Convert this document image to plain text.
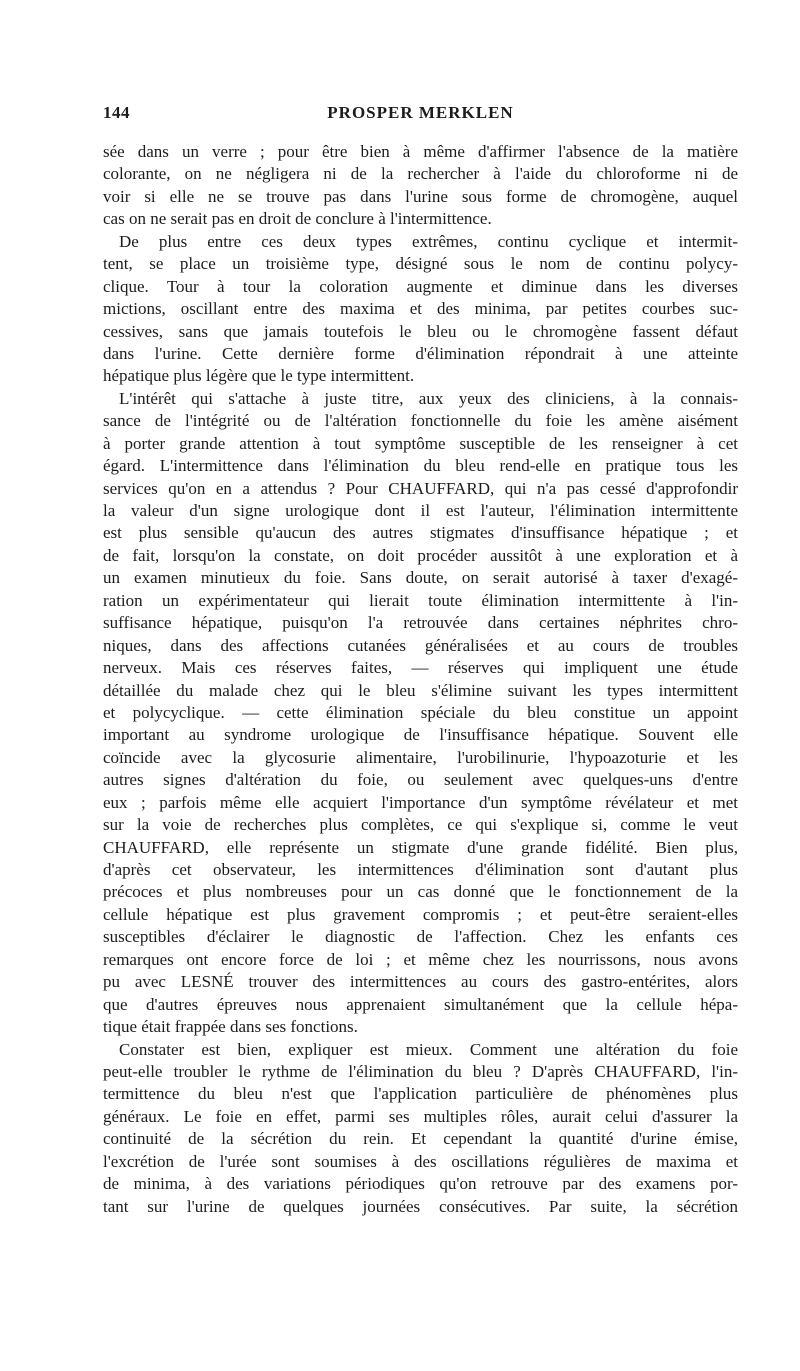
144	PROSPER MERKLEN
sée dans un verre ; pour être bien à même d'affirmer l'absence de la matière
colorante, on ne négligera ni de la rechercher à l'aide du chloroforme ni de
voir si elle ne se trouve pas dans l'urine sous forme de chromogène, auquel
cas on ne serait pas en droit de conclure à l'intermittence.
De plus entre ces deux types extrêmes, continu cyclique et intermit-
tent, se place un troisième type, désigné sous le nom de continu polycy-
clique. Tour à tour la coloration augmente et diminue dans les diverses
mictions, oscillant entre des maxima et des minima, par petites courbes suc-
cessives, sans que jamais toutefois le bleu ou le chromogène fassent défaut
dans l'urine. Cette dernière forme d'élimination répondrait à une atteinte
hépatique plus légère que le type intermittent.
L'intérêt qui s'attache à juste titre, aux yeux des cliniciens, à la connais-
sance de l'intégrité ou de l'altération fonctionnelle du foie les amène aisément
à porter grande attention à tout symptôme susceptible de les renseigner à cet
égard. L'intermittence dans l'élimination du bleu rend-elle en pratique tous les
services qu'on en a attendus ? Pour CHAUFFARD, qui n'a pas cessé d'approfondir
la valeur d'un signe urologique dont il est l'auteur, l'élimination intermittente
est plus sensible qu'aucun des autres stigmates d'insuffisance hépatique ; et
de fait, lorsqu'on la constate, on doit procéder aussitôt à une exploration et à
un examen minutieux du foie. Sans doute, on serait autorisé à taxer d'exagé-
ration un expérimentateur qui lierait toute élimination intermittente à l'in-
suffisance hépatique, puisqu'on l'a retrouvée dans certaines néphrites chro-
niques, dans des affections cutanées généralisées et au cours de troubles
nerveux. Mais ces réserves faites, — réserves qui impliquent une étude
détaillée du malade chez qui le bleu s'élimine suivant les types intermittent
et polycyclique. — cette élimination spéciale du bleu constitue un appoint
important au syndrome urologique de l'insuffisance hépatique. Souvent elle
coïncide avec la glycosurie alimentaire, l'urobilinurie, l'hypoazoturie et les
autres signes d'altération du foie, ou seulement avec quelques-uns d'entre
eux ; parfois même elle acquiert l'importance d'un symptôme révélateur et met
sur la voie de recherches plus complètes, ce qui s'explique si, comme le veut
CHAUFFARD, elle représente un stigmate d'une grande fidélité. Bien plus,
d'après cet observateur, les intermittences d'élimination sont d'autant plus
précoces et plus nombreuses pour un cas donné que le fonctionnement de la
cellule hépatique est plus gravement compromis ; et peut-être seraient-elles
susceptibles d'éclairer le diagnostic de l'affection. Chez les enfants ces
remarques ont encore force de loi ; et même chez les nourrissons, nous avons
pu avec LESNÉ trouver des intermittences au cours des gastro-entérites, alors
que d'autres épreuves nous apprenaient simultanément que la cellule hépa-
tique était frappée dans ses fonctions.
Constater est bien, expliquer est mieux. Comment une altération du foie
peut-elle troubler le rythme de l'élimination du bleu ? D'après CHAUFFARD, l'in-
termittence du bleu n'est que l'application particulière de phénomènes plus
généraux. Le foie en effet, parmi ses multiples rôles, aurait celui d'assurer la
continuité de la sécrétion du rein. Et cependant la quantité d'urine émise,
l'excrétion de l'urée sont soumises à des oscillations régulières de maxima et
de minima, à des variations périodiques qu'on retrouve par des examens por-
tant sur l'urine de quelques journées consécutives. Par suite, la sécrétion
